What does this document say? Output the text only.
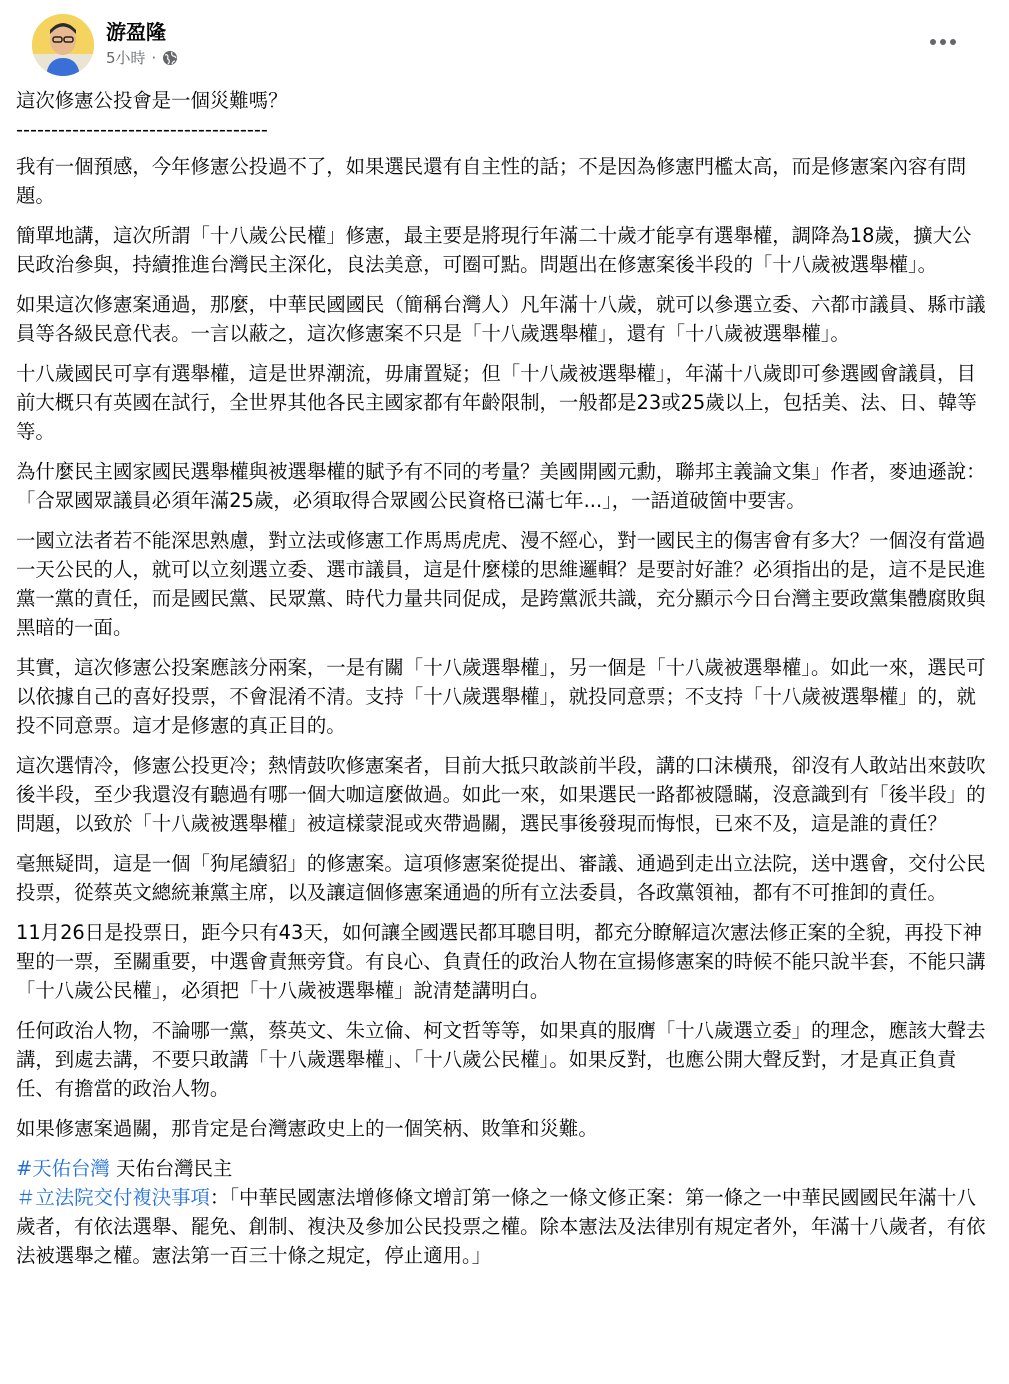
游盈隆
5小時 ·

這次修憲公投會是一個災難嗎？

------------------------------------

我有一個預感，今年修憲公投過不了，如果選民還有自主性的話；不是因為修憲門檻太高，而是修憲案內容有問題。

簡單地講，這次所謂「十八歲公民權」修憲，最主要是將現行年滿二十歲才能享有選舉權，調降為18歲，擴大公民政治參與，持續推進台灣民主深化，良法美意，可圈可點。問題出在修憲案後半段的「十八歲被選舉權」。

如果這次修憲案通過，那麼，中華民國國民（簡稱台灣人）凡年滿十八歲，就可以參選立委、六都市議員、縣市議員等各級民意代表。一言以蔽之，這次修憲案不只是「十八歲選舉權」，還有「十八歲被選舉權」。

十八歲國民可享有選舉權，這是世界潮流，毋庸置疑；但「十八歲被選舉權」，年滿十八歲即可參選國會議員，目前大概只有英國在試行，全世界其他各民主國家都有年齡限制，一般都是23或25歲以上，包括美、法、日、韓等等。

為什麼民主國家國民選舉權與被選舉權的賦予有不同的考量？美國開國元勳，聯邦主義論文集」作者，麥迪遜說：「合眾國眾議員必須年滿25歲，必須取得合眾國公民資格已滿七年...」，一語道破箇中要害。

一國立法者若不能深思熟慮，對立法或修憲工作馬馬虎虎、漫不經心，對一國民主的傷害會有多大？一個沒有當過一天公民的人，就可以立刻選立委、選市議員，這是什麼樣的思維邏輯？是要討好誰？必須指出的是，這不是民進黨一黨的責任，而是國民黨、民眾黨、時代力量共同促成，是跨黨派共識，充分顯示今日台灣主要政黨集體腐敗與黑暗的一面。

其實，這次修憲公投案應該分兩案，一是有關「十八歲選舉權」，另一個是「十八歲被選舉權」。如此一來，選民可以依據自己的喜好投票，不會混淆不清。支持「十八歲選舉權」，就投同意票；不支持「十八歲被選舉權」的，就投不同意票。這才是修憲的真正目的。

這次選情冷，修憲公投更冷；熱情鼓吹修憲案者，目前大抵只敢談前半段，講的口沫橫飛，卻沒有人敢站出來鼓吹後半段，至少我還沒有聽過有哪一個大咖這麼做過。如此一來，如果選民一路都被隱瞞，沒意識到有「後半段」的問題，以致於「十八歲被選舉權」被這樣蒙混或夾帶過關，選民事後發現而悔恨，已來不及，這是誰的責任？

毫無疑問，這是一個「狗尾續貂」的修憲案。這項修憲案從提出、審議、通過到走出立法院，送中選會，交付公民投票，從蔡英文總統兼黨主席，以及讓這個修憲案通過的所有立法委員，各政黨領袖，都有不可推卸的責任。

11月26日是投票日，距今只有43天，如何讓全國選民都耳聰目明，都充分瞭解這次憲法修正案的全貌，再投下神聖的一票，至關重要，中選會責無旁貸。有良心、負責任的政治人物在宣揚修憲案的時候不能只說半套，不能只講「十八歲公民權」，必須把「十八歲被選舉權」說清楚講明白。

任何政治人物，不論哪一黨，蔡英文、朱立倫、柯文哲等等，如果真的服膺「十八歲選立委」的理念，應該大聲去講，到處去講，不要只敢講「十八歲選舉權」、「十八歲公民權」。如果反對，也應公開大聲反對，才是真正負責任、有擔當的政治人物。

如果修憲案過關，那肯定是台灣憲政史上的一個笑柄、敗筆和災難。

#天佑台灣 天佑台灣民主

＃立法院交付複決事項：「中華民國憲法增修條文增訂第一條之一條文修正案：第一條之一中華民國國民年滿十八歲者，有依法選舉、罷免、創制、複決及參加公民投票之權。除本憲法及法律別有規定者外，年滿十八歲者，有依法被選舉之權。憲法第一百三十條之規定，停止適用。」
